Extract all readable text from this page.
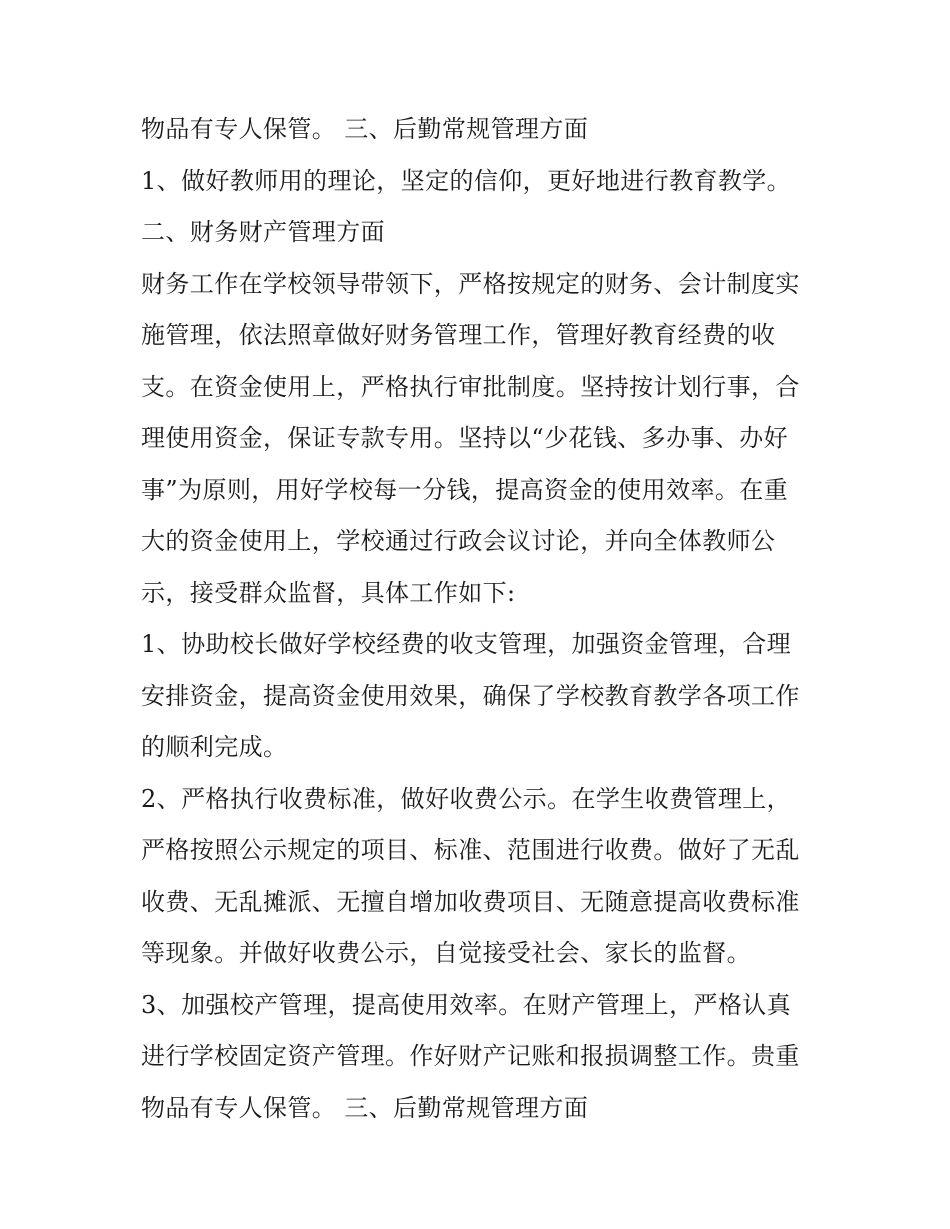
物品有专人保管。 三、后勤常规管理方面
1、做好教师用的理论，坚定的信仰，更好地进行教育教学。
二、财务财产管理方面
财务工作在学校领导带领下，严格按规定的财务、会计制度实
施管理，依法照章做好财务管理工作，管理好教育经费的收
支。在资金使用上，严格执行审批制度。坚持按计划行事，合
理使用资金，保证专款专用。坚持以“少花钱、多办事、办好
事”为原则，用好学校每一分钱，提高资金的使用效率。在重
大的资金使用上，学校通过行政会议讨论，并向全体教师公
示，接受群众监督，具体工作如下:
1、协助校长做好学校经费的收支管理，加强资金管理，合理
安排资金，提高资金使用效果，确保了学校教育教学各项工作
的顺利完成。
2、严格执行收费标准，做好收费公示。在学生收费管理上，
严格按照公示规定的项目、标准、范围进行收费。做好了无乱
收费、无乱摊派、无擅自增加收费项目、无随意提高收费标准
等现象。并做好收费公示，自觉接受社会、家长的监督。
3、加强校产管理，提高使用效率。在财产管理上，严格认真
进行学校固定资产管理。作好财产记账和报损调整工作。贵重
物品有专人保管。 三、后勤常规管理方面
